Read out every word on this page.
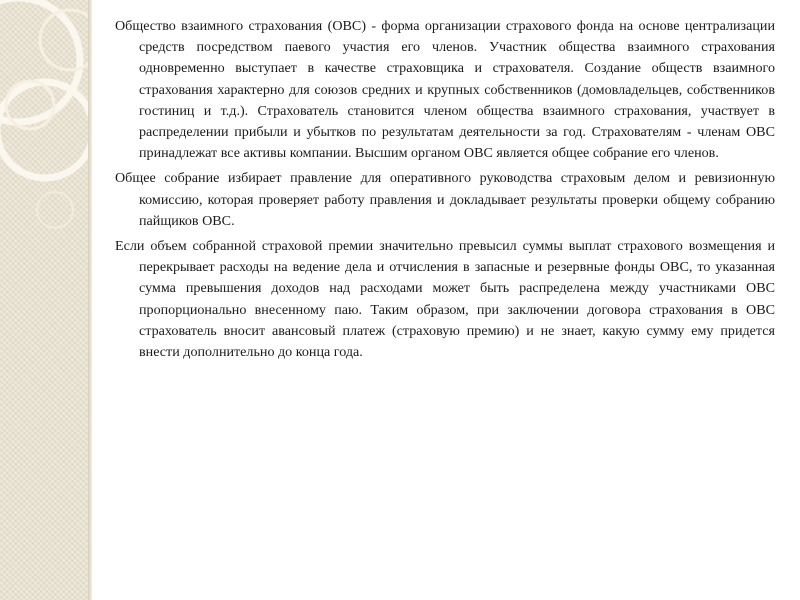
Общество взаимного страхования (ОВС) - форма организации страхового фонда на основе централизации средств посредством паевого участия его членов. Участник общества взаимного страхования одновременно выступает в качестве страховщика и страхователя. Создание обществ взаимного страхования характерно для союзов средних и крупных собственников (домовладельцев, собственников гостиниц и т.д.). Страхователь становится членом общества взаимного страхования, участвует в распределении прибыли и убытков по результатам деятельности за год. Страхователям - членам ОВС принадлежат все активы компании. Высшим органом ОВС является общее собрание его членов.

Общее собрание избирает правление для оперативного руководства страховым делом и ревизионную комиссию, которая проверяет работу правления и докладывает результаты проверки общему собранию пайщиков ОВС.

Если объем собранной страховой премии значительно превысил суммы выплат страхового возмещения и перекрывает расходы на ведение дела и отчисления в запасные и резервные фонды ОВС, то указанная сумма превышения доходов над расходами может быть распределена между участниками ОВС пропорционально внесенному паю. Таким образом, при заключении договора страхования в ОВС страхователь вносит авансовый платеж (страховую премию) и не знает, какую сумму ему придется внести дополнительно до конца года.
